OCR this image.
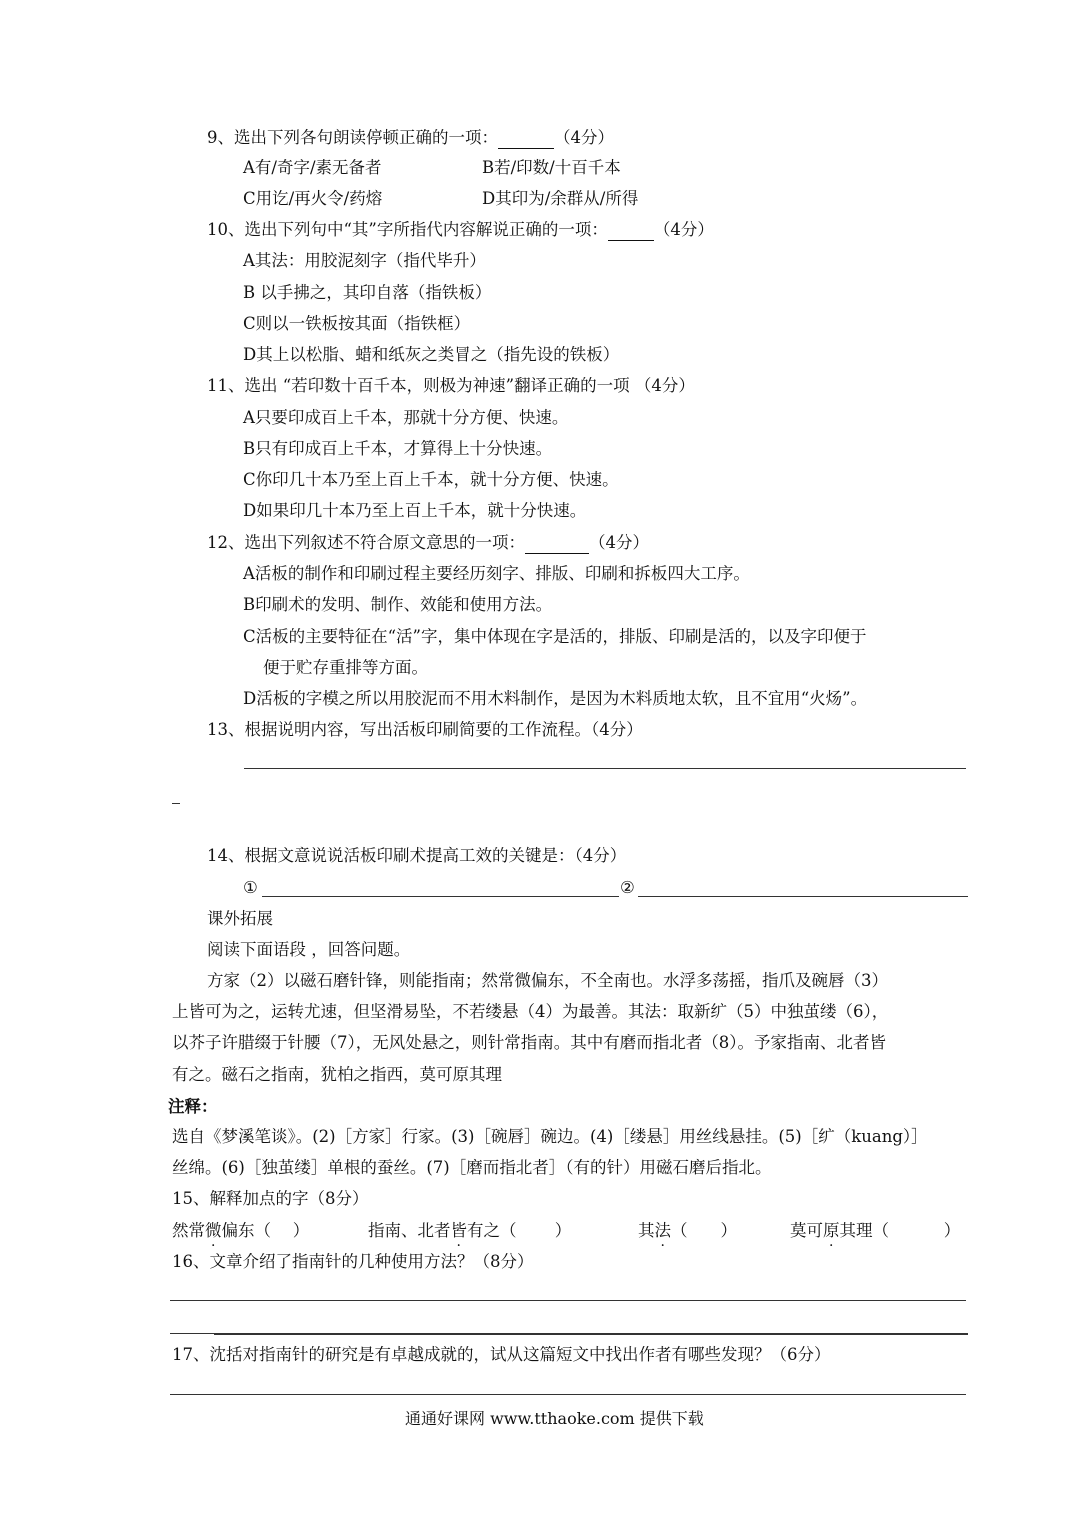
9、选出下列各句朗读停顿正确的一项：	（4分）
A有/奇字/素无备者	B若/印数/十百千本
C用讫/再火令/药熔	D其印为/余群从/所得
10、选出下列句中“其”字所指代内容解说正确的一项：	（4分）
A其法：用胶泥刻字（指代毕升）
B 以手拂之，其印自落（指铁板）
C则以一铁板按其面（指铁框）
D其上以松脂、蜡和纸灰之类冒之（指先设的铁板）
11、选出 “若印数十百千本，则极为神速”翻译正确的一项 （4分）
A只要印成百上千本，那就十分方便、快速。
B只有印成百上千本，才算得上十分快速。
C你印几十本乃至上百上千本，就十分方便、快速。
D如果印几十本乃至上百上千本，就十分快速。
12、选出下列叙述不符合原文意思的一项：	（4分）
A活板的制作和印刷过程主要经历刻字、排版、印刷和拆板四大工序。
B印刷术的发明、制作、效能和使用方法。
C活板的主要特征在“活”字，集中体现在字是活的，排版、印刷是活的，以及字印便于
便于贮存重排等方面。
D活板的字模之所以用胶泥而不用木料制作，是因为木料质地太软，且不宜用“火炀”。
13、根据说明内容，写出活板印刷简要的工作流程。（4分）
14、根据文意说说活板印刷术提高工效的关键是：（4分）
①	②
课外拓展
阅读下面语段 ，回答问题。
方家（2）以磁石磨针锋，则能指南；然常微偏东，不全南也。水浮多荡摇，指爪及碗唇（3）
上皆可为之，运转尤速，但坚滑易坠，不若缕悬（4）为最善。其法：取新纩（5）中独茧缕（6），
以芥子许腊缀于针腰（7），无风处悬之，则针常指南。其中有磨而指北者（8）。予家指南、北者皆
有之。磁石之指南，犹柏之指西，莫可原其理
注释：
选自《梦溪笔谈》。(2)［方家］行家。(3)［碗唇］碗边。(4)［缕悬］用丝线悬挂。(5)［纩（kuang）］
丝绵。(6)［独茧缕］单根的蚕丝。(7)［磨而指北者］（有的针）用磁石磨后指北。
15、解释加点的字（8分）
然常微偏东（　 ）	指南、北者皆有之（　　 ）	其法（　　）	莫可原其理（　　　 ）
16、文章介绍了指南针的几种使用方法？（8分）
17、沈括对指南针的研究是有卓越成就的，试从这篇短文中找出作者有哪些发现？（6分）
通通好课网 www.tthaoke.com 提供下载
